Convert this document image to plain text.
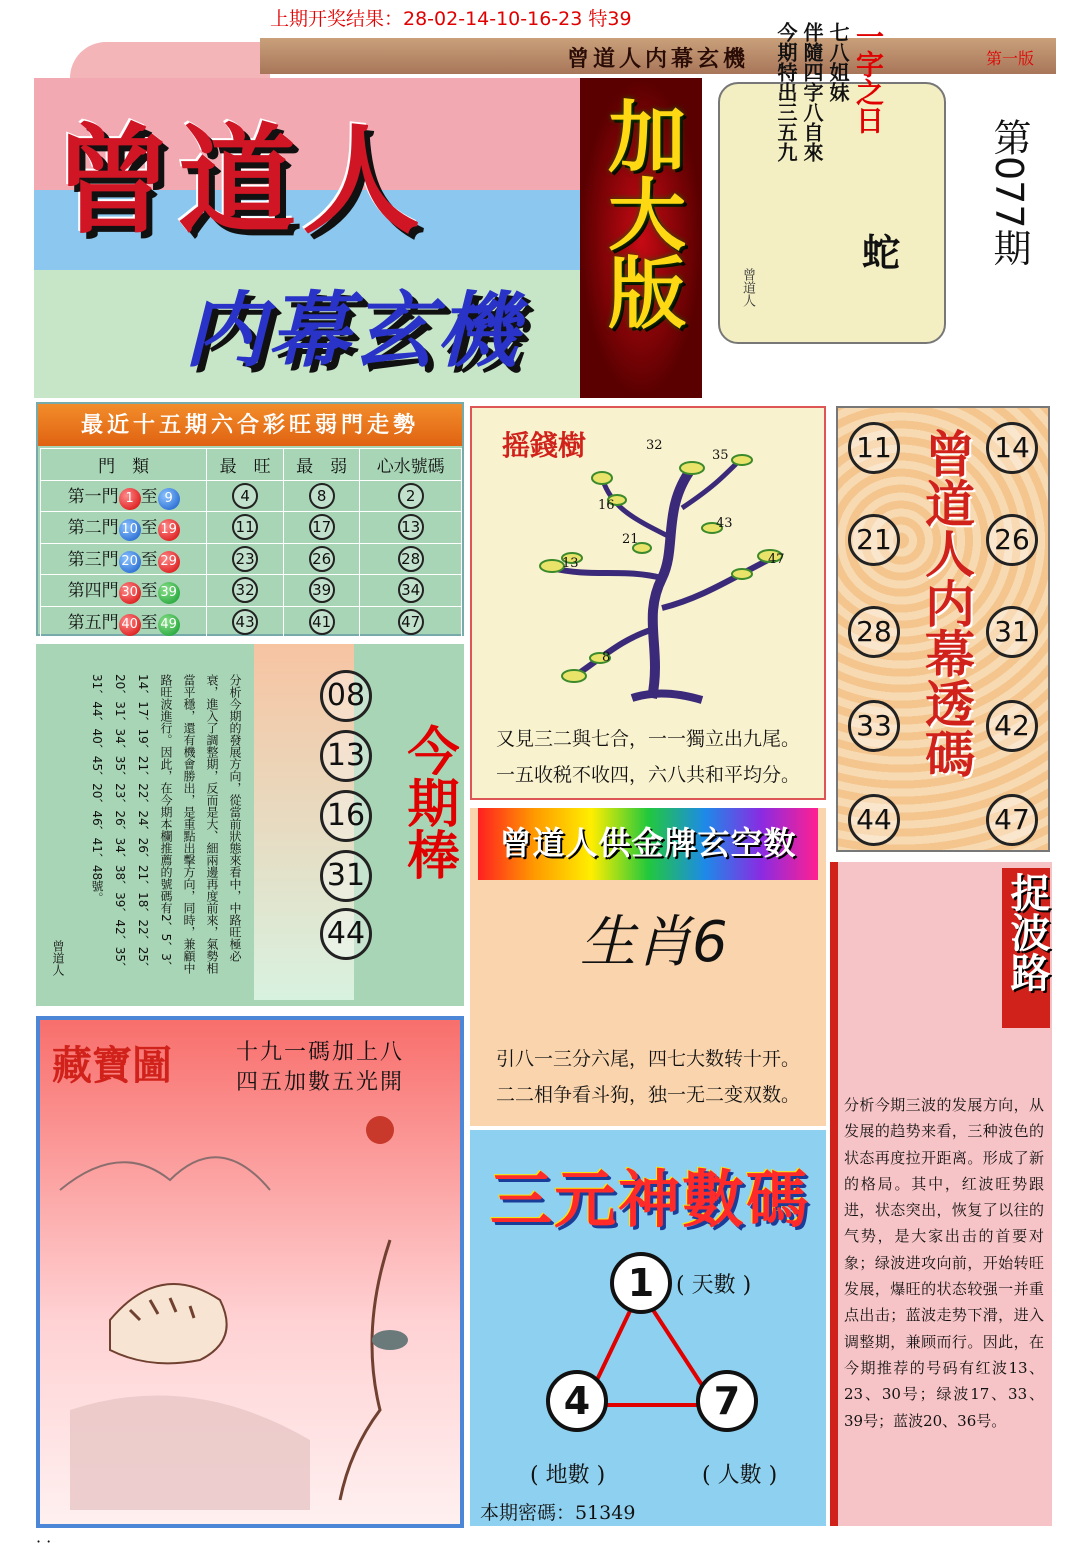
上期开奖结果：28-02-14-10-16-23 特39
曾道人内幕玄機	第一版
曾道人
内幕玄機
加大版
一字之日
七八姐妹
伴隨四字八自來
今期特出三五九
蛇
曾道人
第077期
最近十五期六合彩旺弱門走勢
門　類	最　旺	最　弱	心水號碼
第一門 1 至 9	4	8	2
第二門 10 至 19	11	17	13
第三門 20 至 29	23	26	28
第四門 30 至 39	32	39	34
第五門 40 至 49	43	41	47
分析今期的發展方向，從當前狀態來看中，中路旺極必衰，進入了調整期，反而是大、細兩邊再度前來，氣勢相當平穩，還有機會勝出，是重點出擊方向，同時，兼顧中路旺波進行。因此，在今期本欄推薦的號碼有2、5、3、14、17、19、21、22、24、26、21、18、22、25、20、31、34、35、23、26、34、38、39、42、35、31、44、40、45、20、46、41、48號。
曾道人
08
13
16
31
44
今期棒
摇錢樹	32
35
16
21
43
13	47
8
又見三二與七合，一一獨立出九尾。
一五收税不收四，六八共和平均分。	曾道人内幕透碼
11
21
28
33
44
14
26
31
42
47
曾道人供金牌玄空数
生肖6
引八一三分六尾，四七大数转十开。
二二相争看斗狗，独一无二变双数。
捉波路
分析今期三波的发展方向，从发展的趋势来看，三种波色的状态再度拉开距离。形成了新的格局。其中，红波旺势跟进，状态突出，恢复了以往的气势，是大家出击的首要对象；绿波进攻向前，开始转旺发展，爆旺的状态较强一并重点出击；蓝波走势下滑，进入调整期，兼顾而行。因此，在今期推荐的号码有红波13、23、30号；绿波17、33、39号；蓝波20、36号。
藏寶圖	十九一碼加上八
四五加數五光開
三元神數碼
1 ( 天數 )
4
( 地數 )
7
( 人數 )
本期密碼：51349
· ·
